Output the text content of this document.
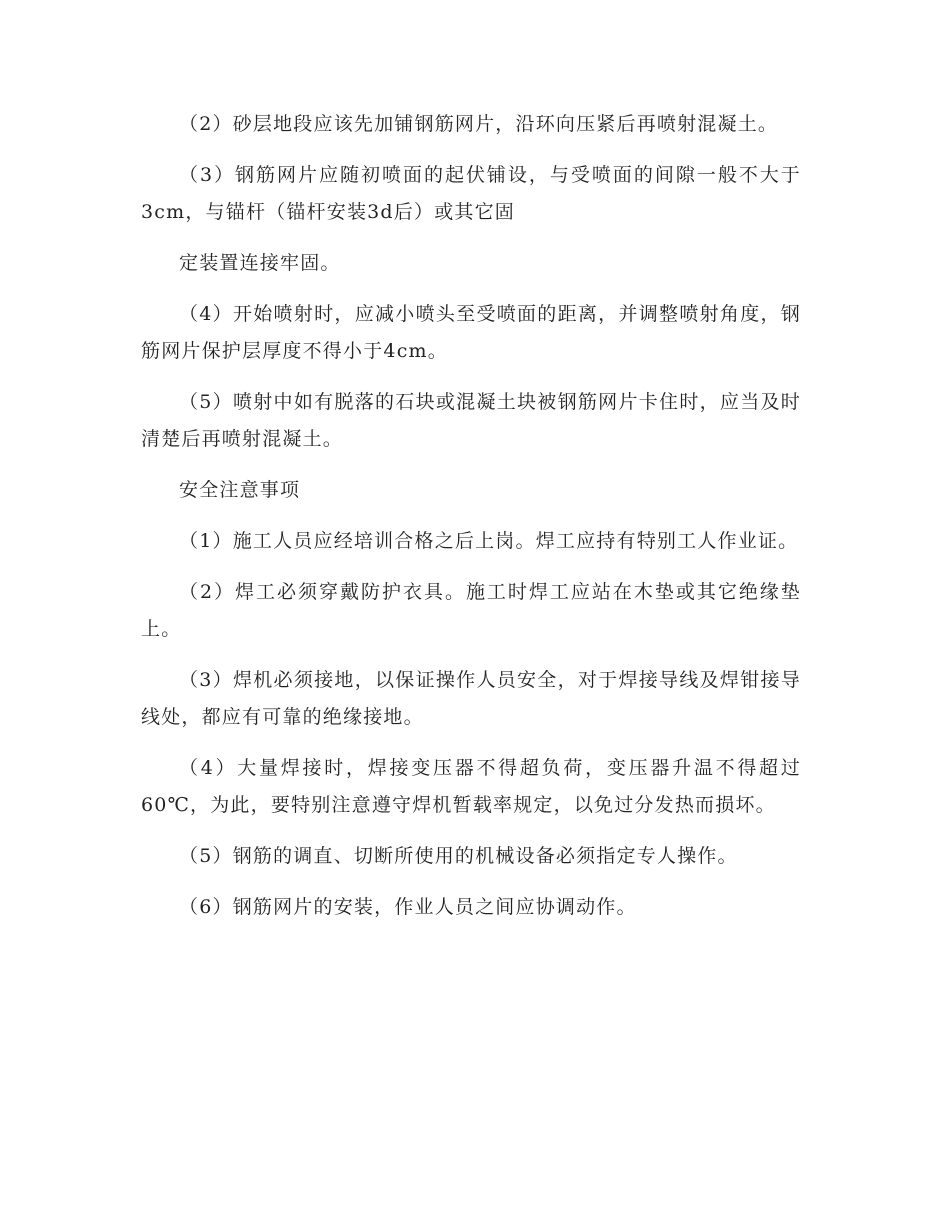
（2）砂层地段应该先加铺钢筋网片，沿环向压紧后再喷射混凝土。

（3）钢筋网片应随初喷面的起伏铺设，与受喷面的间隙一般不大于3cm，与锚杆（锚杆安装3d后）或其它固

定装置连接牢固。

（4）开始喷射时，应减小喷头至受喷面的距离，并调整喷射角度，钢筋网片保护层厚度不得小于4cm。

（5）喷射中如有脱落的石块或混凝土块被钢筋网片卡住时，应当及时清楚后再喷射混凝土。

安全注意事项

（1）施工人员应经培训合格之后上岗。焊工应持有特别工人作业证。

（2）焊工必须穿戴防护衣具。施工时焊工应站在木垫或其它绝缘垫上。

（3）焊机必须接地，以保证操作人员安全，对于焊接导线及焊钳接导线处，都应有可靠的绝缘接地。

（4）大量焊接时，焊接变压器不得超负荷，变压器升温不得超过60℃，为此，要特别注意遵守焊机暂载率规定，以免过分发热而损坏。

（5）钢筋的调直、切断所使用的机械设备必须指定专人操作。

（6）钢筋网片的安装，作业人员之间应协调动作。
